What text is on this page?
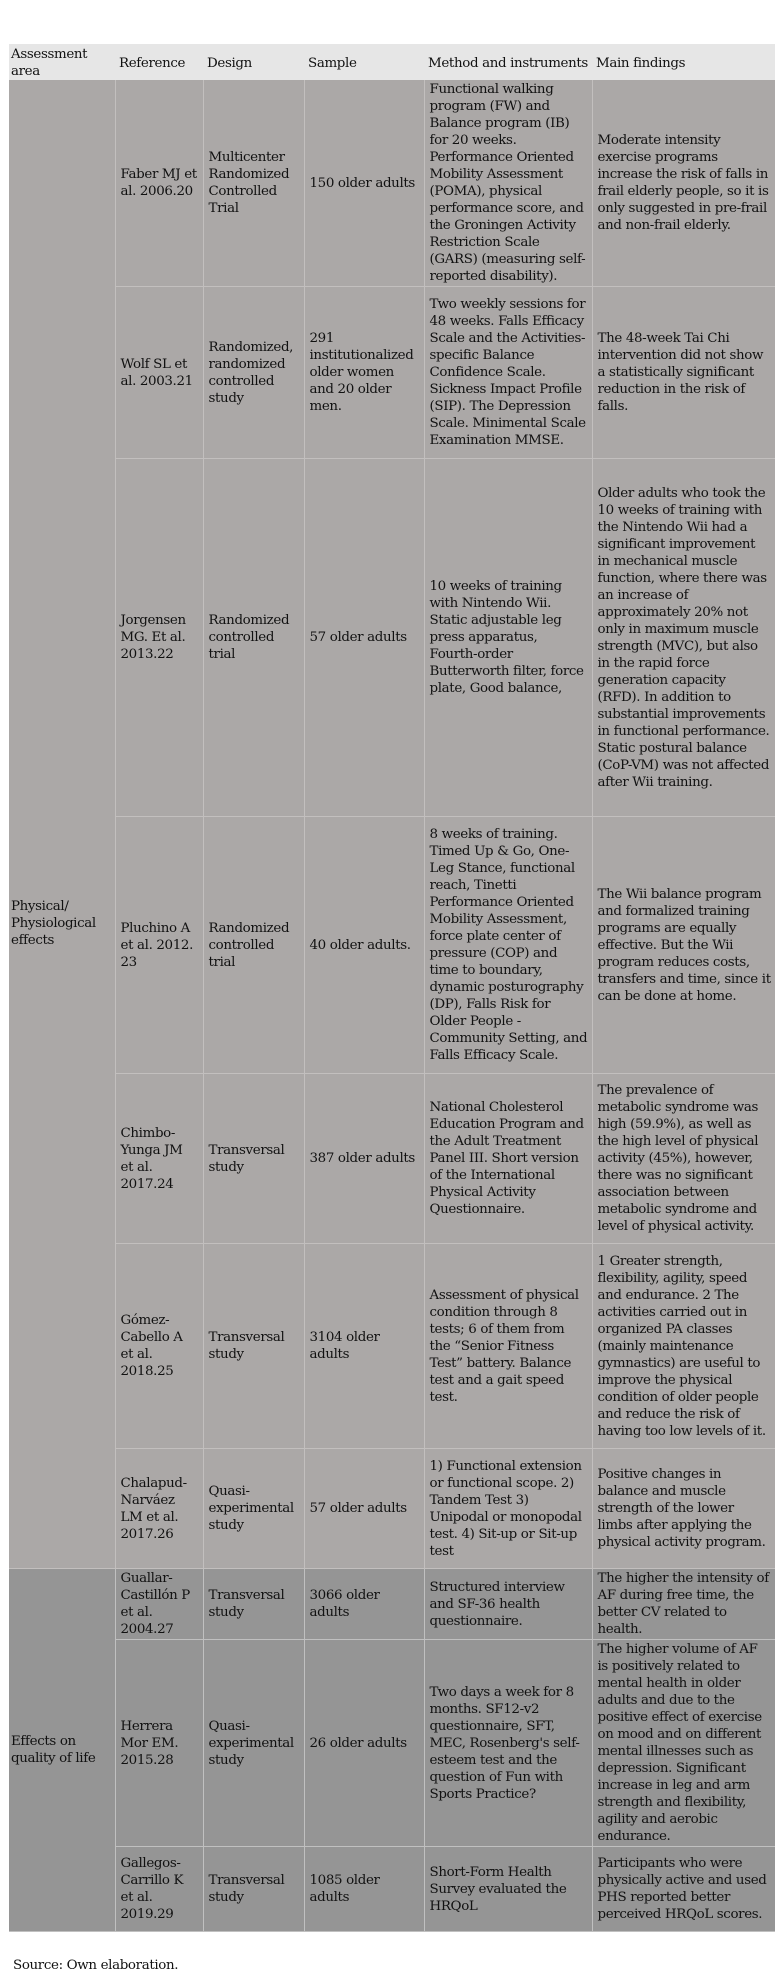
Assessment area	Reference	Design	Sample	Method and instruments	Main findings
Physical/ Physiological effects	Faber MJ et al. 2006.20	Multicenter Randomized Controlled Trial	150 older adults	Functional walking program (FW) and Balance program (IB) for 20 weeks. Performance Oriented Mobility Assessment (POMA), physical performance score, and the Groningen Activity Restriction Scale (GARS) (measuring self-reported disability).	Moderate intensity exercise programs increase the risk of falls in frail elderly people, so it is only suggested in pre-frail and non-frail elderly.
	Wolf SL et al. 2003.21	Randomized, randomized controlled study	291 institutionalized older women and 20 older men.	Two weekly sessions for 48 weeks. Falls Efficacy Scale and the Activities-specific Balance Confidence Scale. Sickness Impact Profile (SIP). The Depression Scale. Minimental Scale Examination MMSE.	The 48-week Tai Chi intervention did not show a statistically significant reduction in the risk of falls.
	Jorgensen MG. Et al. 2013.22	Randomized controlled trial	57 older adults	10 weeks of training with Nintendo Wii. Static adjustable leg press apparatus, Fourth-order Butterworth filter, force plate, Good balance,	Older adults who took the 10 weeks of training with the Nintendo Wii had a significant improvement in mechanical muscle function, where there was an increase of approximately 20% not only in maximum muscle strength (MVC), but also in the rapid force generation capacity (RFD). In addition to substantial improvements in functional performance. Static postural balance (CoP-VM) was not affected after Wii training.
	Pluchino A et al. 2012. 23	Randomized controlled trial	40 older adults.	8 weeks of training. Timed Up & Go, One-Leg Stance, functional reach, Tinetti Performance Oriented Mobility Assessment, force plate center of pressure (COP) and time to boundary, dynamic posturography (DP), Falls Risk for Older People - Community Setting, and Falls Efficacy Scale.	The Wii balance program and formalized training programs are equally effective. But the Wii program reduces costs, transfers and time, since it can be done at home.
	Chimbo-Yunga JM et al. 2017.24	Transversal study	387 older adults	National Cholesterol Education Program and the Adult Treatment Panel III. Short version of the International Physical Activity Questionnaire.	The prevalence of metabolic syndrome was high (59.9%), as well as the high level of physical activity (45%), however, there was no significant association between metabolic syndrome and level of physical activity.
	Gómez-Cabello A et al. 2018.25	Transversal study	3104 older adults	Assessment of physical condition through 8 tests; 6 of them from the “Senior Fitness Test” battery. Balance test and a gait speed test.	1 Greater strength, flexibility, agility, speed and endurance. 2 The activities carried out in organized PA classes (mainly maintenance gymnastics) are useful to improve the physical condition of older people and reduce the risk of having too low levels of it.
	Chalapud-Narváez LM et al. 2017.26	Quasi-experimental study	57 older adults	1) Functional extension or functional scope. 2) Tandem Test 3) Unipodal or monopodal test. 4) Sit-up or Sit-up test	Positive changes in balance and muscle strength of the lower limbs after applying the physical activity program.
Effects on quality of life	Guallar-Castillón P et al. 2004.27	Transversal study	3066 older adults	Structured interview and SF-36 health questionnaire.	The higher the intensity of AF during free time, the better CV related to health.
	Herrera Mor EM. 2015.28	Quasi-experimental study	26 older adults	Two days a week for 8 months. SF12-v2 questionnaire, SFT, MEC, Rosenberg's self-esteem test and the question of Fun with Sports Practice?	The higher volume of AF is positively related to mental health in older adults and due to the positive effect of exercise on mood and on different mental illnesses such as depression. Significant increase in leg and arm strength and flexibility, agility and aerobic endurance.
	Gallegos-Carrillo K et al. 2019.29	Transversal study	1085 older adults	Short-Form Health Survey evaluated the HRQoL	Participants who were physically active and used PHS reported better perceived HRQoL scores.
Source: Own elaboration.
